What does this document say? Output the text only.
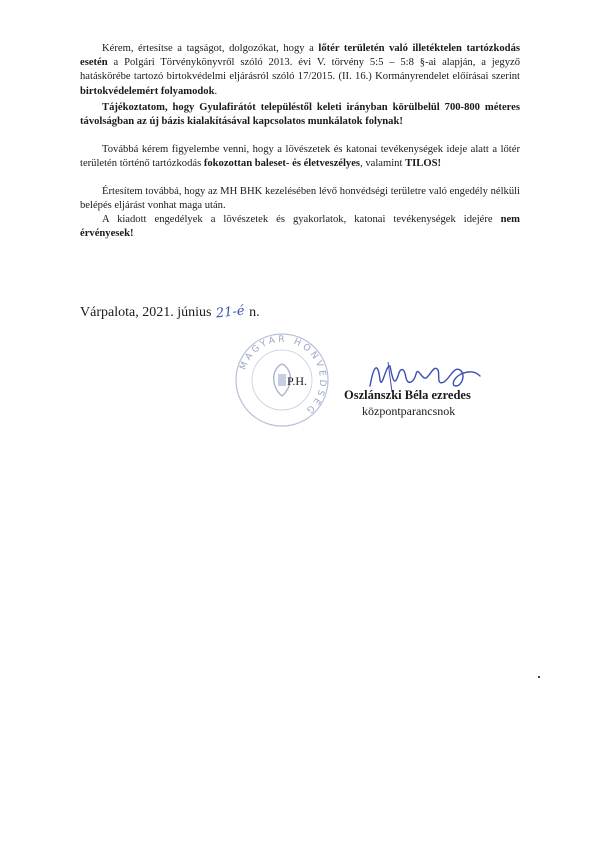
Kérem, értesítse a tagságot, dolgozókat, hogy a lőtér területén való illetéktelen tartózkodás esetén a Polgári Törvénykönyvről szóló 2013. évi V. törvény 5:5 – 5:8 §-ai alapján, a jegyző hatáskörébe tartozó birtokvédelmi eljárásról szóló 17/2015. (II. 16.) Kormányrendelet előírásai szerint birtokvédelemért folyamodok.

Tájékoztatom, hogy Gyulafirátót településtől keleti irányban körülbelül 700-800 méteres távolságban az új bázis kialakításával kapcsolatos munkálatok folynak!

Továbbá kérem figyelembe venni, hogy a lövészetek és katonai tevékenységek ideje alatt a lőtér területén történő tartózkodás fokozottan baleset- és életveszélyes, valamint TILOS!

Értesítem továbbá, hogy az MH BHK kezelésében lévő honvédségi területre való engedély nélküli belépés eljárást vonhat maga után.

A kiadott engedélyek a lövészetek és gyakorlatok, katonai tevékenységek idejére nem érvényesek!

Várpalota, 2021. június 21-é n.
MAGYAR HONVÉDSÉG
P.H.
Oszlánszki Béla ezredes
központparancsnok
